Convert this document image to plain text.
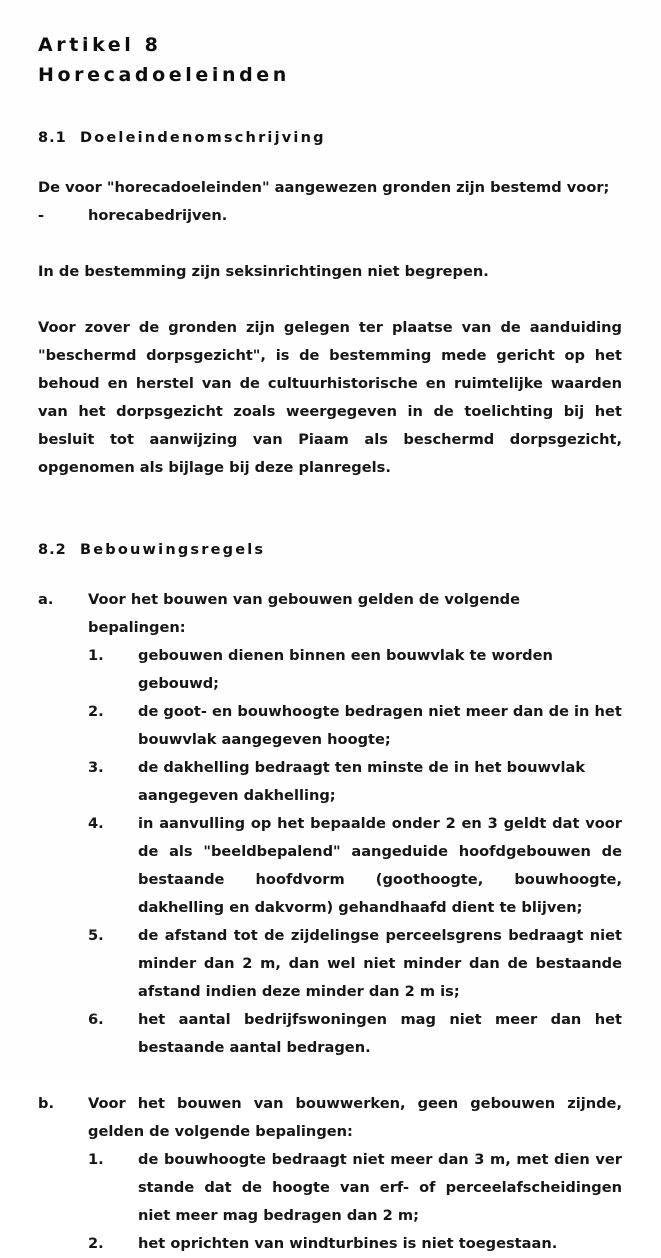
Artikel 8
Horecadoeleinden
8.1 Doeleindenomschrijving
De voor "horecadoeleinden" aangewezen gronden zijn bestemd voor;
-	horecabedrijven.
In de bestemming zijn seksinrichtingen niet begrepen.
Voor zover de gronden zijn gelegen ter plaatse van de aanduiding "beschermd dorpsgezicht", is de bestemming mede gericht op het behoud en herstel van de cultuurhistorische en ruimtelijke waarden van het dorpsgezicht zoals weergegeven in de toelichting bij het besluit tot aanwijzing van Piaam als beschermd dorpsgezicht, opgenomen als bijlage bij deze planregels.
8.2 Bebouwingsregels
a.	Voor het bouwen van gebouwen gelden de volgende bepalingen:
1.	gebouwen dienen binnen een bouwvlak te worden gebouwd;
2.	de goot- en bouwhoogte bedragen niet meer dan de in het bouwvlak aangegeven hoogte;
3.	de dakhelling bedraagt ten minste de in het bouwvlak aangegeven dakhelling;
4.	in aanvulling op het bepaalde onder 2 en 3 geldt dat voor de als "beeldbepalend" aangeduide hoofdgebouwen de bestaande hoofdvorm (goothoogte, bouwhoogte, dakhelling en dakvorm) gehandhaafd dient te blijven;
5.	de afstand tot de zijdelingse perceelsgrens bedraagt niet minder dan 2 m, dan wel niet minder dan de bestaande afstand indien deze minder dan 2 m is;
6.	het aantal bedrijfswoningen mag niet meer dan het bestaande aantal bedragen.
b.	Voor het bouwen van bouwwerken, geen gebouwen zijnde, gelden de volgende bepalingen:
1.	de bouwhoogte bedraagt niet meer dan 3 m, met dien ver stande dat de hoogte van erf- of perceelafscheidingen niet meer mag bedragen dan 2 m;
2.	het oprichten van windturbines is niet toegestaan.
